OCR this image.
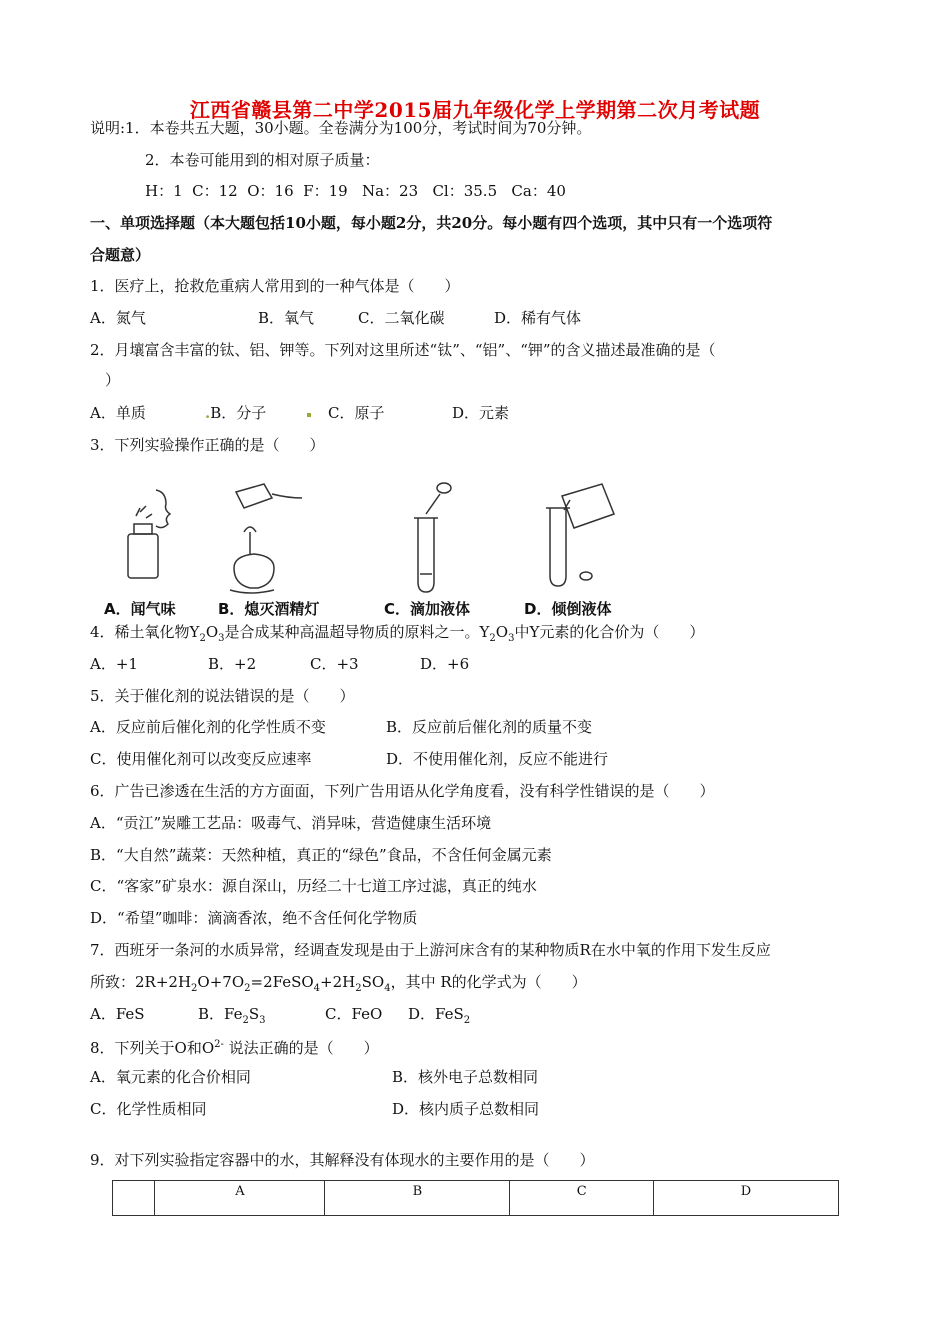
江西省赣县第二中学2015届九年级化学上学期第二次月考试题
说明:1．本卷共五大题，30小题。全卷满分为100分，考试时间为70分钟。
2．本卷可能用到的相对原子质量：
H：1  C：12  O：16  F：19   Na：23   Cl：35.5   Ca：40
一、单项选择题（本大题包括10小题，每小题2分，共20分。每小题有四个选项，其中只有一个选项符
合题意）
1．医疗上，抢救危重病人常用到的一种气体是（　　）
A．氮气	B．氧气	C．二氧化碳	D．稀有气体
2．月壤富含丰富的钛、铝、钾等。下列对这里所述“钛”、“铝”、“钾”的含义描述最准确的是（
　）
A．单质	.B．分子	C．原子	D．元素
3．下列实验操作正确的是（　　）
A．闻气味	B．熄灭酒精灯	C．滴加液体	D．倾倒液体
4．稀土氧化物$Y_2O_3$是合成某种高温超导物质的原料之一。$Y_2O_3$中Y元素的化合价为（　　）
A．+1	B．+2	C．+3	D．+6
5．关于催化剂的说法错误的是（　　）
A．反应前后催化剂的化学性质不变	B．反应前后催化剂的质量不变
C．使用催化剂可以改变反应速率	D．不使用催化剂，反应不能进行
6．广告已渗透在生活的方方面面，下列广告用语从化学角度看，没有科学性错误的是（　　）
A．“贡江”炭雕工艺品：吸毒气、消异味，营造健康生活环境
B．“大自然”蔬菜：天然种植，真正的“绿色”食品，不含任何金属元素
C．“客家”矿泉水：源自深山，历经二十七道工序过滤，真正的纯水
D．“希望”咖啡：滴滴香浓，绝不含任何化学物质
7．西班牙一条河的水质异常，经调查发现是由于上游河床含有的某种物质R在水中氧的作用下发生反应
所致：$2R+2H_2O+7O_2=2FeSO_4+2H_2SO_4$，其中 R的化学式为（　　）
A．FeS	B．$Fe_2S_3$	C．FeO D．FeS$_2$
8．下列关于O和$O^{2-}$ 说法正确的是（　　）
A．氧元素的化合价相同	B．核外电子总数相同
C．化学性质相同	D．核内质子总数相同
9．对下列实验指定容器中的水，其解释没有体现水的主要作用的是（　　）
	A	B	C	D
